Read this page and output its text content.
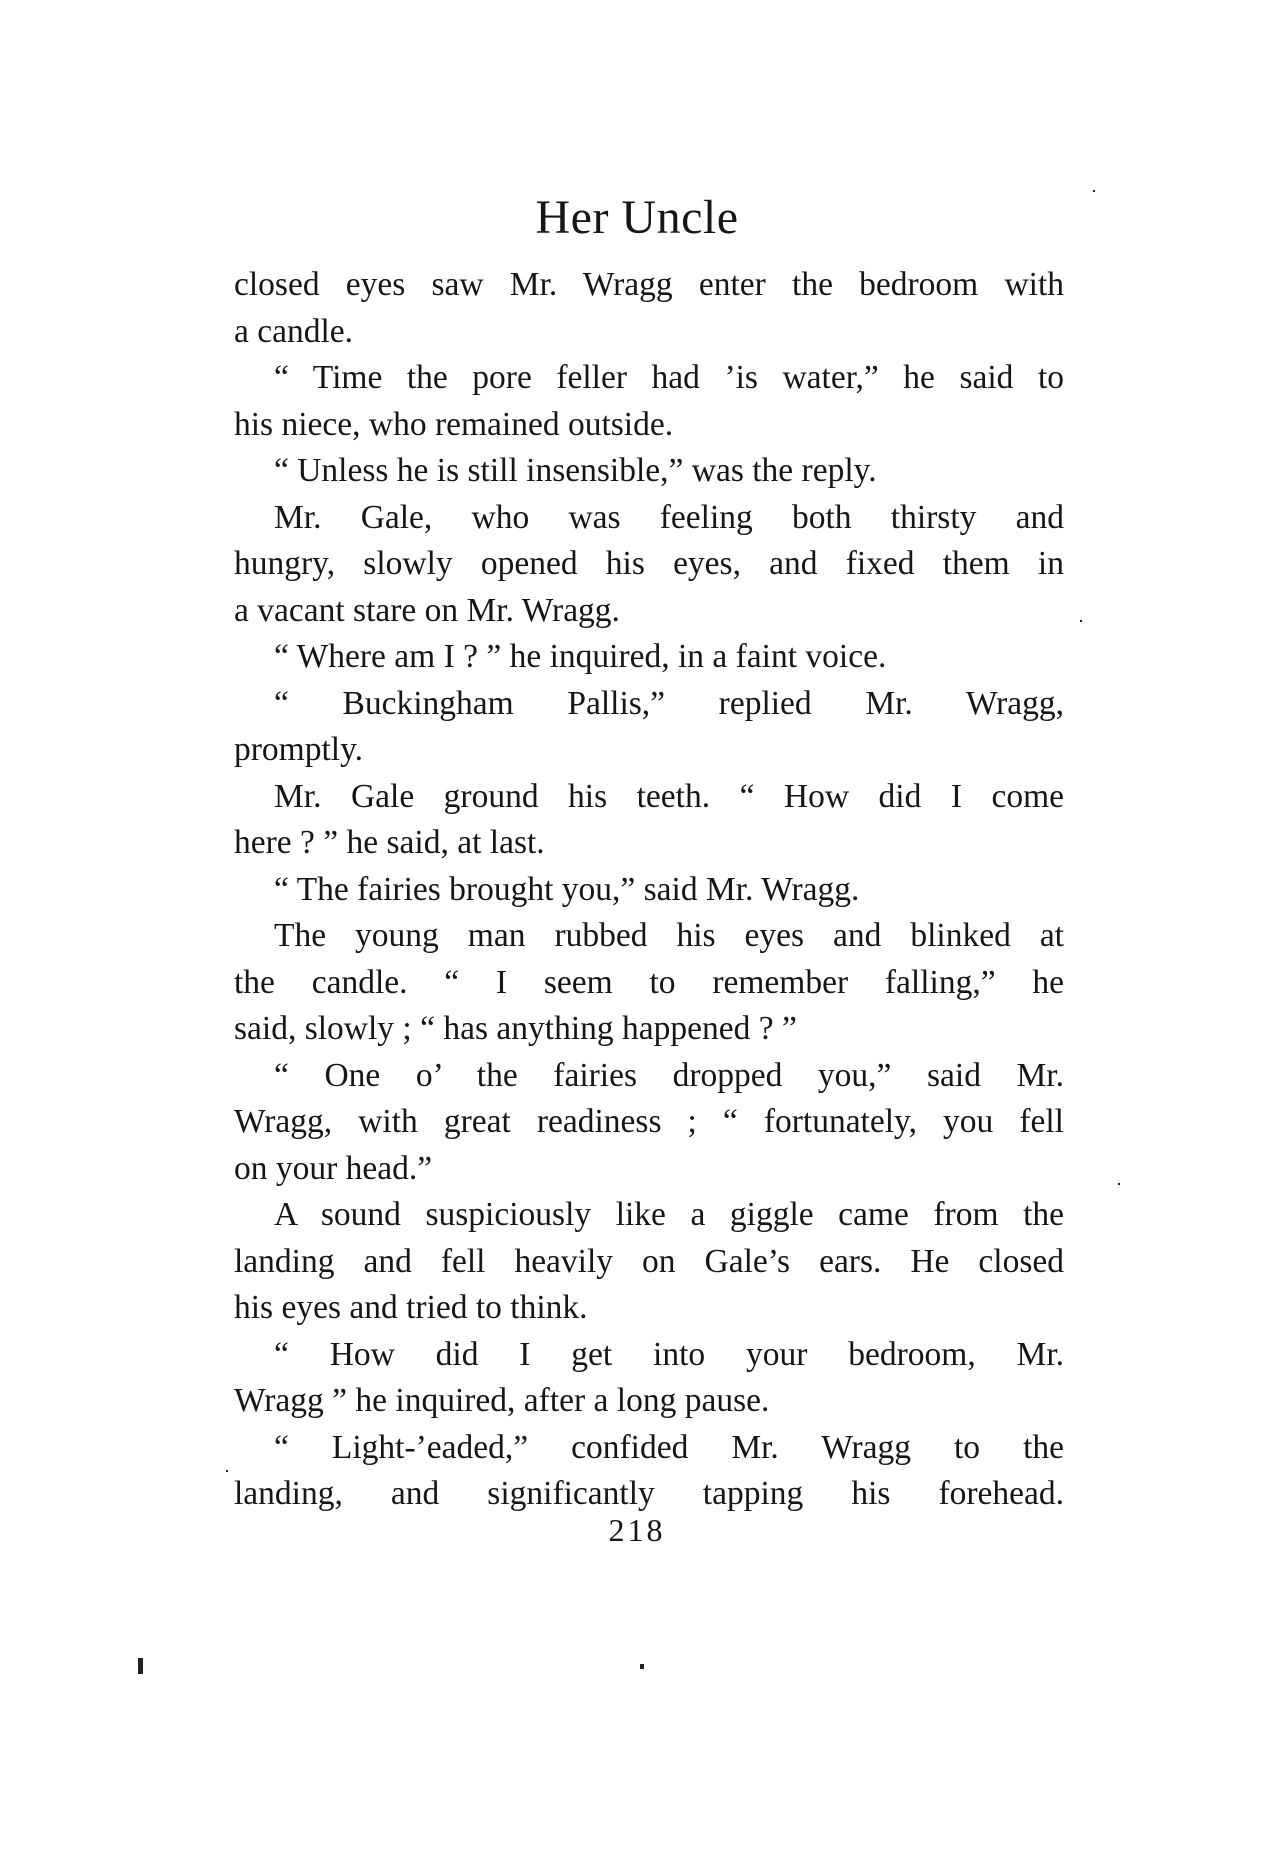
Her Uncle
closed eyes saw Mr. Wragg enter the bedroom with
a candle.
“ Time the pore feller had ’is water,” he said to
his niece, who remained outside.
“ Unless he is still insensible,” was the reply.
Mr. Gale, who was feeling both thirsty and
hungry, slowly opened his eyes, and fixed them in
a vacant stare on Mr. Wragg.
“ Where am I ? ” he inquired, in a faint voice.
“ Buckingham Pallis,” replied Mr. Wragg,
promptly.
Mr. Gale ground his teeth. “ How did I come
here ? ” he said, at last.
“ The fairies brought you,” said Mr. Wragg.
The young man rubbed his eyes and blinked at
the candle. “ I seem to remember falling,” he
said, slowly ; “ has anything happened ? ”
“ One o’ the fairies dropped you,” said Mr.
Wragg, with great readiness ; “ fortunately, you fell
on your head.”
A sound suspiciously like a giggle came from the
landing and fell heavily on Gale’s ears. He closed
his eyes and tried to think.
“ How did I get into your bedroom, Mr.
Wragg ” he inquired, after a long pause.
“ Light-’eaded,” confided Mr. Wragg to the
landing, and significantly tapping his forehead.
218
